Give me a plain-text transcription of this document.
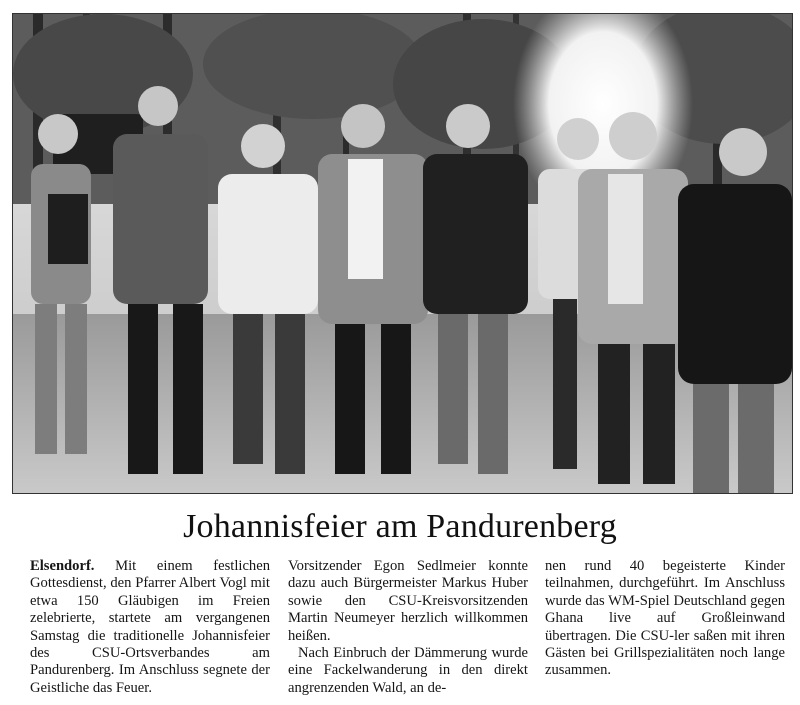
Johannisfeier am Pandurenberg

Elsendorf. Mit einem festlichen Gottesdienst, den Pfarrer Albert Vogl mit etwa 150 Gläubigen im Freien zelebrierte, startete am vergangenen Samstag die traditionelle Johannisfeier des CSU-Ortsverbandes am Pandurenberg. Im Anschluss segnete der Geistliche das Feuer.

Vorsitzender Egon Sedlmeier konnte dazu auch Bürgermeister Markus Huber sowie den CSU-Kreisvorsitzenden Martin Neumeyer herzlich willkommen heißen.

Nach Einbruch der Dämmerung wurde eine Fackelwanderung in den direkt angrenzenden Wald, an de-

nen rund 40 begeisterte Kinder teilnahmen, durchgeführt. Im Anschluss wurde das WM-Spiel Deutschland gegen Ghana live auf Großleinwand übertragen. Die CSU-ler saßen mit ihren Gästen bei Grillspezialitäten noch lange zusammen.
